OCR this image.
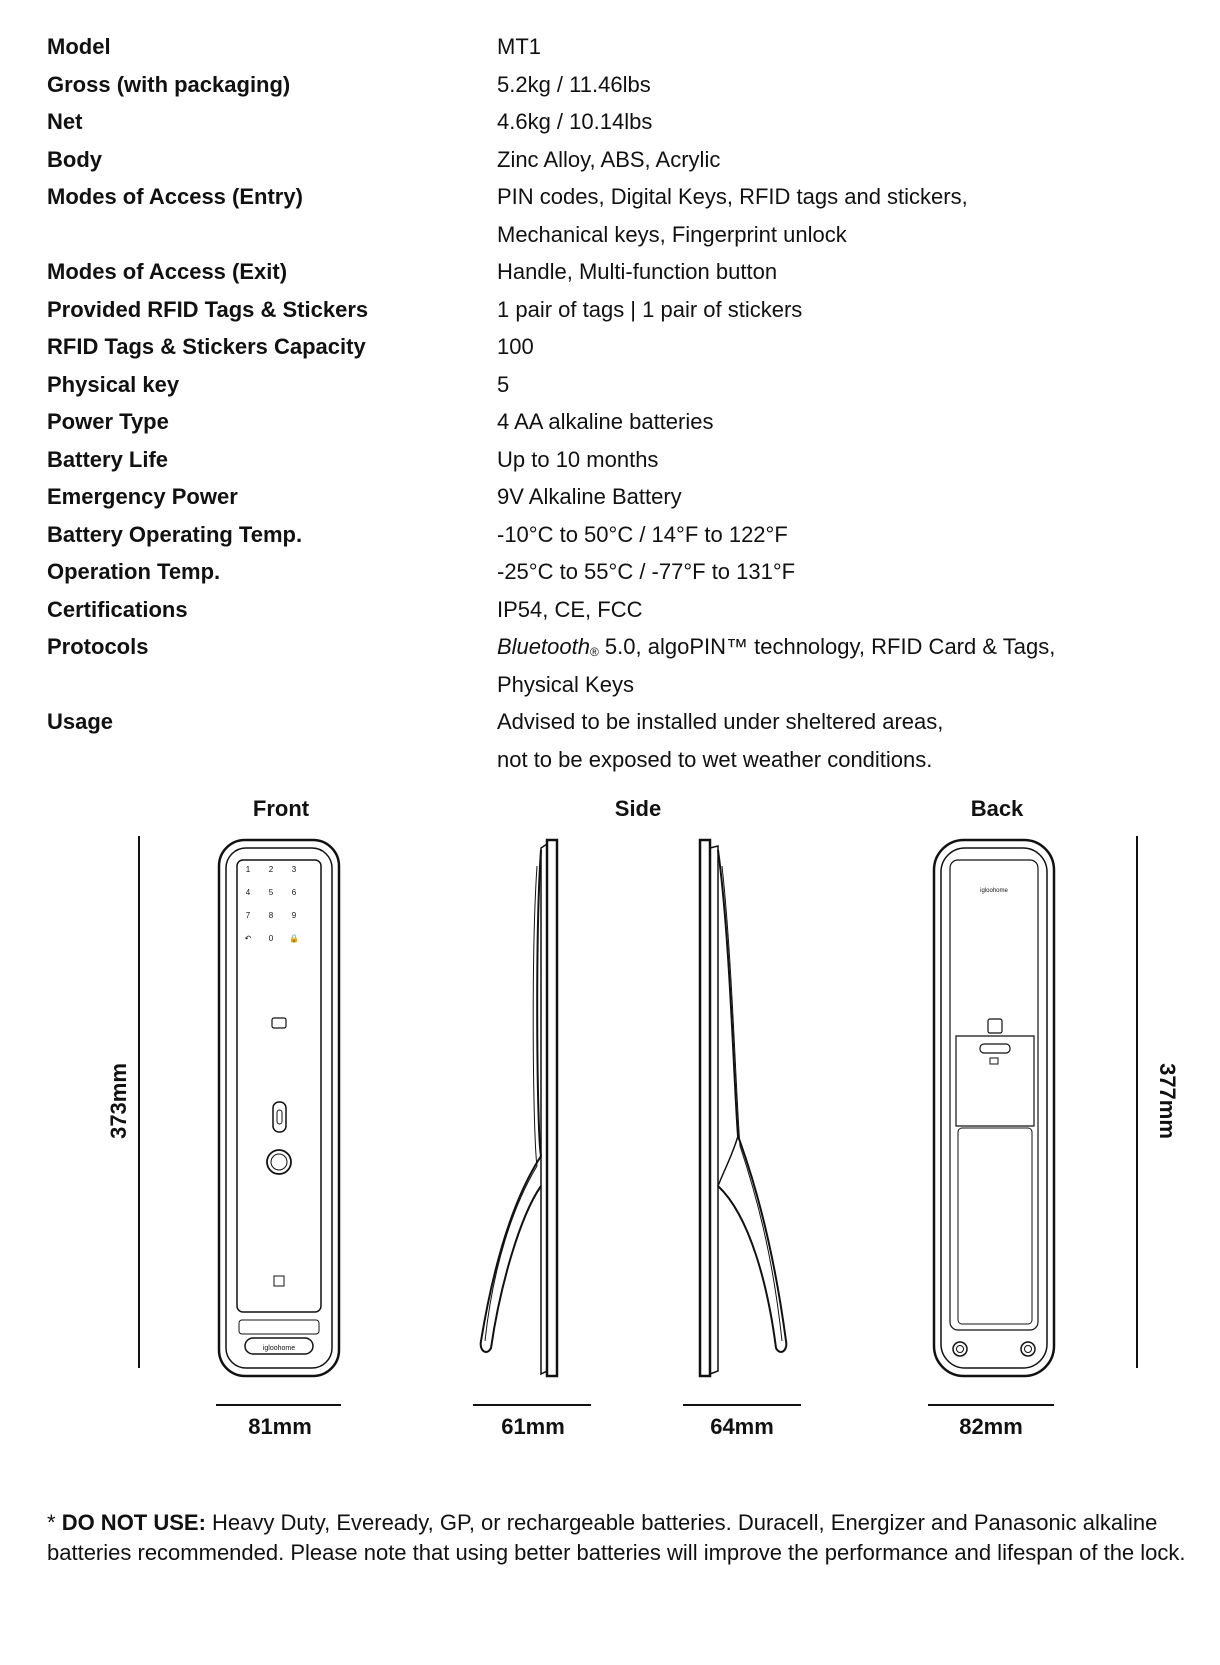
Model	MT1
Gross (with packaging)	5.2kg / 11.46lbs
Net	4.6kg / 10.14lbs
Body	Zinc Alloy, ABS, Acrylic
Modes of Access (Entry)	PIN codes, Digital Keys, RFID tags and stickers,
Mechanical keys, Fingerprint unlock
Modes of Access (Exit)	Handle, Multi-function button
Provided RFID Tags & Stickers	1 pair of tags | 1 pair of stickers
RFID Tags & Stickers Capacity	100
Physical key	5
Power Type	4 AA alkaline batteries
Battery Life	Up to 10 months
Emergency Power	9V Alkaline Battery
Battery Operating Temp.	-10°C to 50°C / 14°F to 122°F
Operation Temp.	-25°C to 55°C / -77°F to 131°F
Certifications	IP54, CE, FCC
Protocols	Bluetooth® 5.0, algoPIN™ technology, RFID Card & Tags,
Physical Keys
Usage	Advised to be installed under sheltered areas,
not to be exposed to wet weather conditions.
Front	Side	Back
373mm	377mm
1 2 3
4 5 6
7 8 9
↶ 0 🔒
igloohome
igloohome
81mm	61mm	64mm	82mm
* DO NOT USE: Heavy Duty, Eveready, GP, or rechargeable batteries. Duracell, Energizer and Panasonic alkaline batteries recommended. Please note that using better batteries will improve the performance and lifespan of the lock.
